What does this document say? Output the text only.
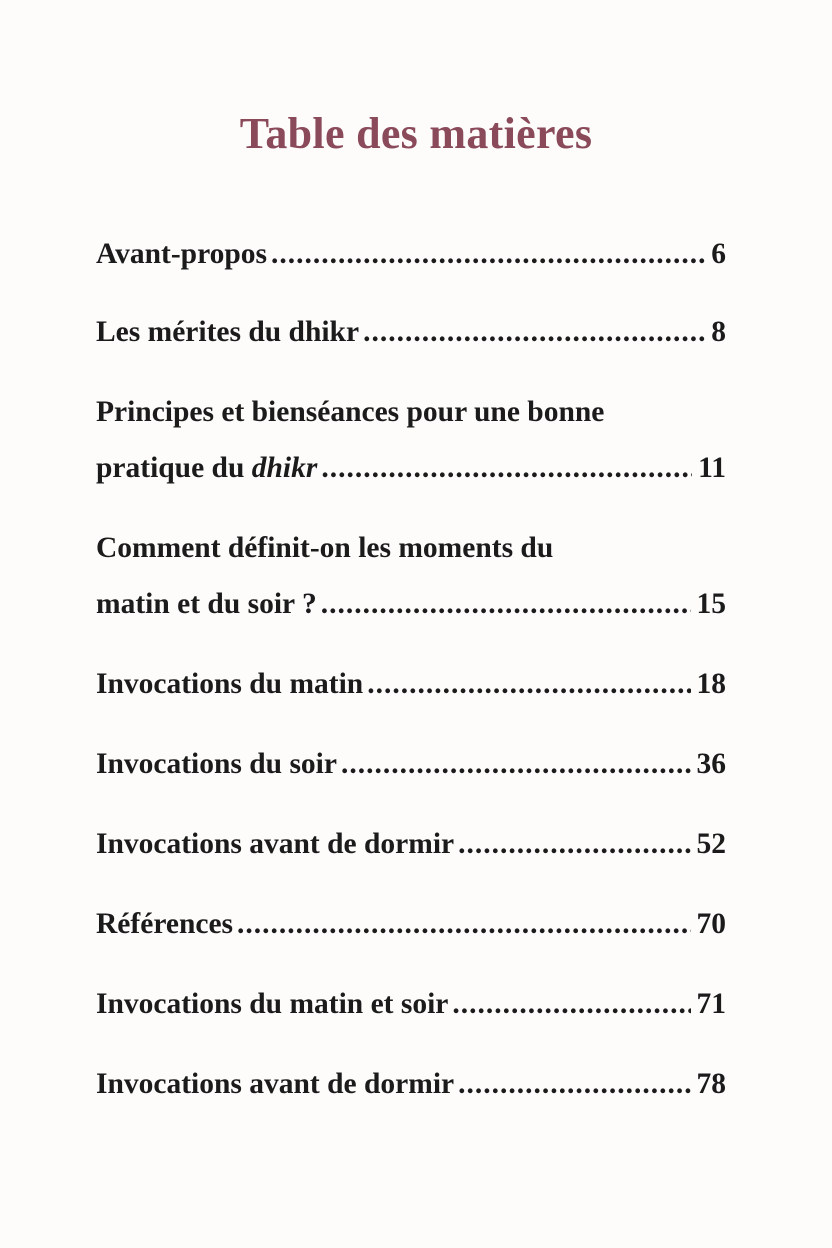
Table des matières
Avant-propos .....	6
Les mérites du dhikr .....	8
Principes et bienséances pour une bonne
pratique du dhikr .....	11
Comment définit-on les moments du
matin et du soir ? .....	15
Invocations du matin .....	18
Invocations du soir .....	36
Invocations avant de dormir .....	52
Références .....	70
Invocations du matin et soir .....	71
Invocations avant de dormir .....	78
